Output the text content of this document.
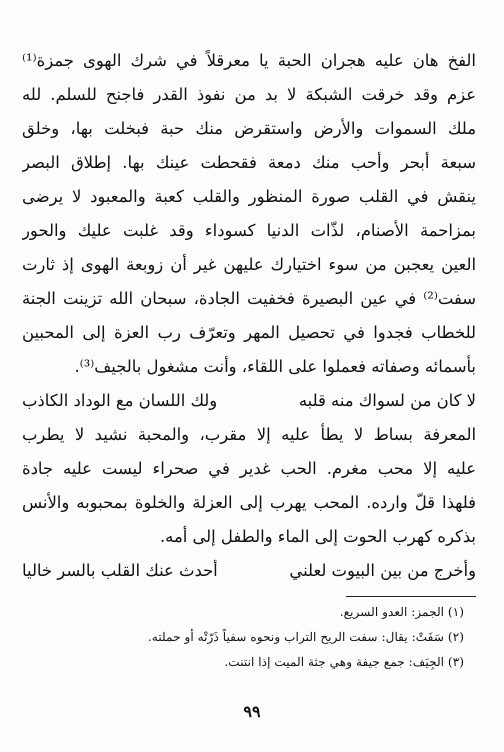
الفخ هان عليه هجران الحبة يا معرقلاً في شرك الهوى جمزة⁽¹⁾
عزم وقد خرقت الشبكة لا بد من نفوذ القدر فاجنح للسلم. لله
ملك السموات والأرض واستقرض منك حبة فبخلت بها، وخلق
سبعة أبحر وأحب منك دمعة فقحطت عينك بها. إطلاق البصر
ينقش في القلب صورة المنظور والقلب كعبة والمعبود لا يرضى
بمزاحمة الأصنام، لذّات الدنيا كسوداء وقد غلبت عليك والحور
العين يعجبن من سوء اختيارك عليهن غير أن زوبعة الهوى إذ ثارت
سفت⁽²⁾ في عين البصيرة فخفيت الجادة، سبحان الله تزينت الجنة
للخطاب فجدوا في تحصيل المهر وتعرّف رب العزة إلى المحبين
بأسمائه وصفاته فعملوا على اللقاء، وأنت مشغول بالجيف⁽³⁾.
لا كان من لسواك منه قلبه
ولك اللسان مع الوداد الكاذب
المعرفة بساط لا يطأ عليه إلا مقرب، والمحبة نشيد لا يطرب
عليه إلا محب مغرم. الحب غدير في صحراء ليست عليه جادة
فلهذا قلّ وارده. المحب يهرب إلى العزلة والخلوة بمحبوبه والأنس
بذكره كهرب الحوت إلى الماء والطفل إلى أمه.
وأخرج من بين البيوت لعلني
أحدث عنك القلب بالسر خاليا
(١) الجمز: العدو السريع.
(٢) سَفَتْ: يقال: سفت الريح التراب ونحوه سفياً ذَرّتْه أو حملته.
(٣) الجِيَف: جمع جيفة وهي جثة الميت إذا انتنت.
٩٩
